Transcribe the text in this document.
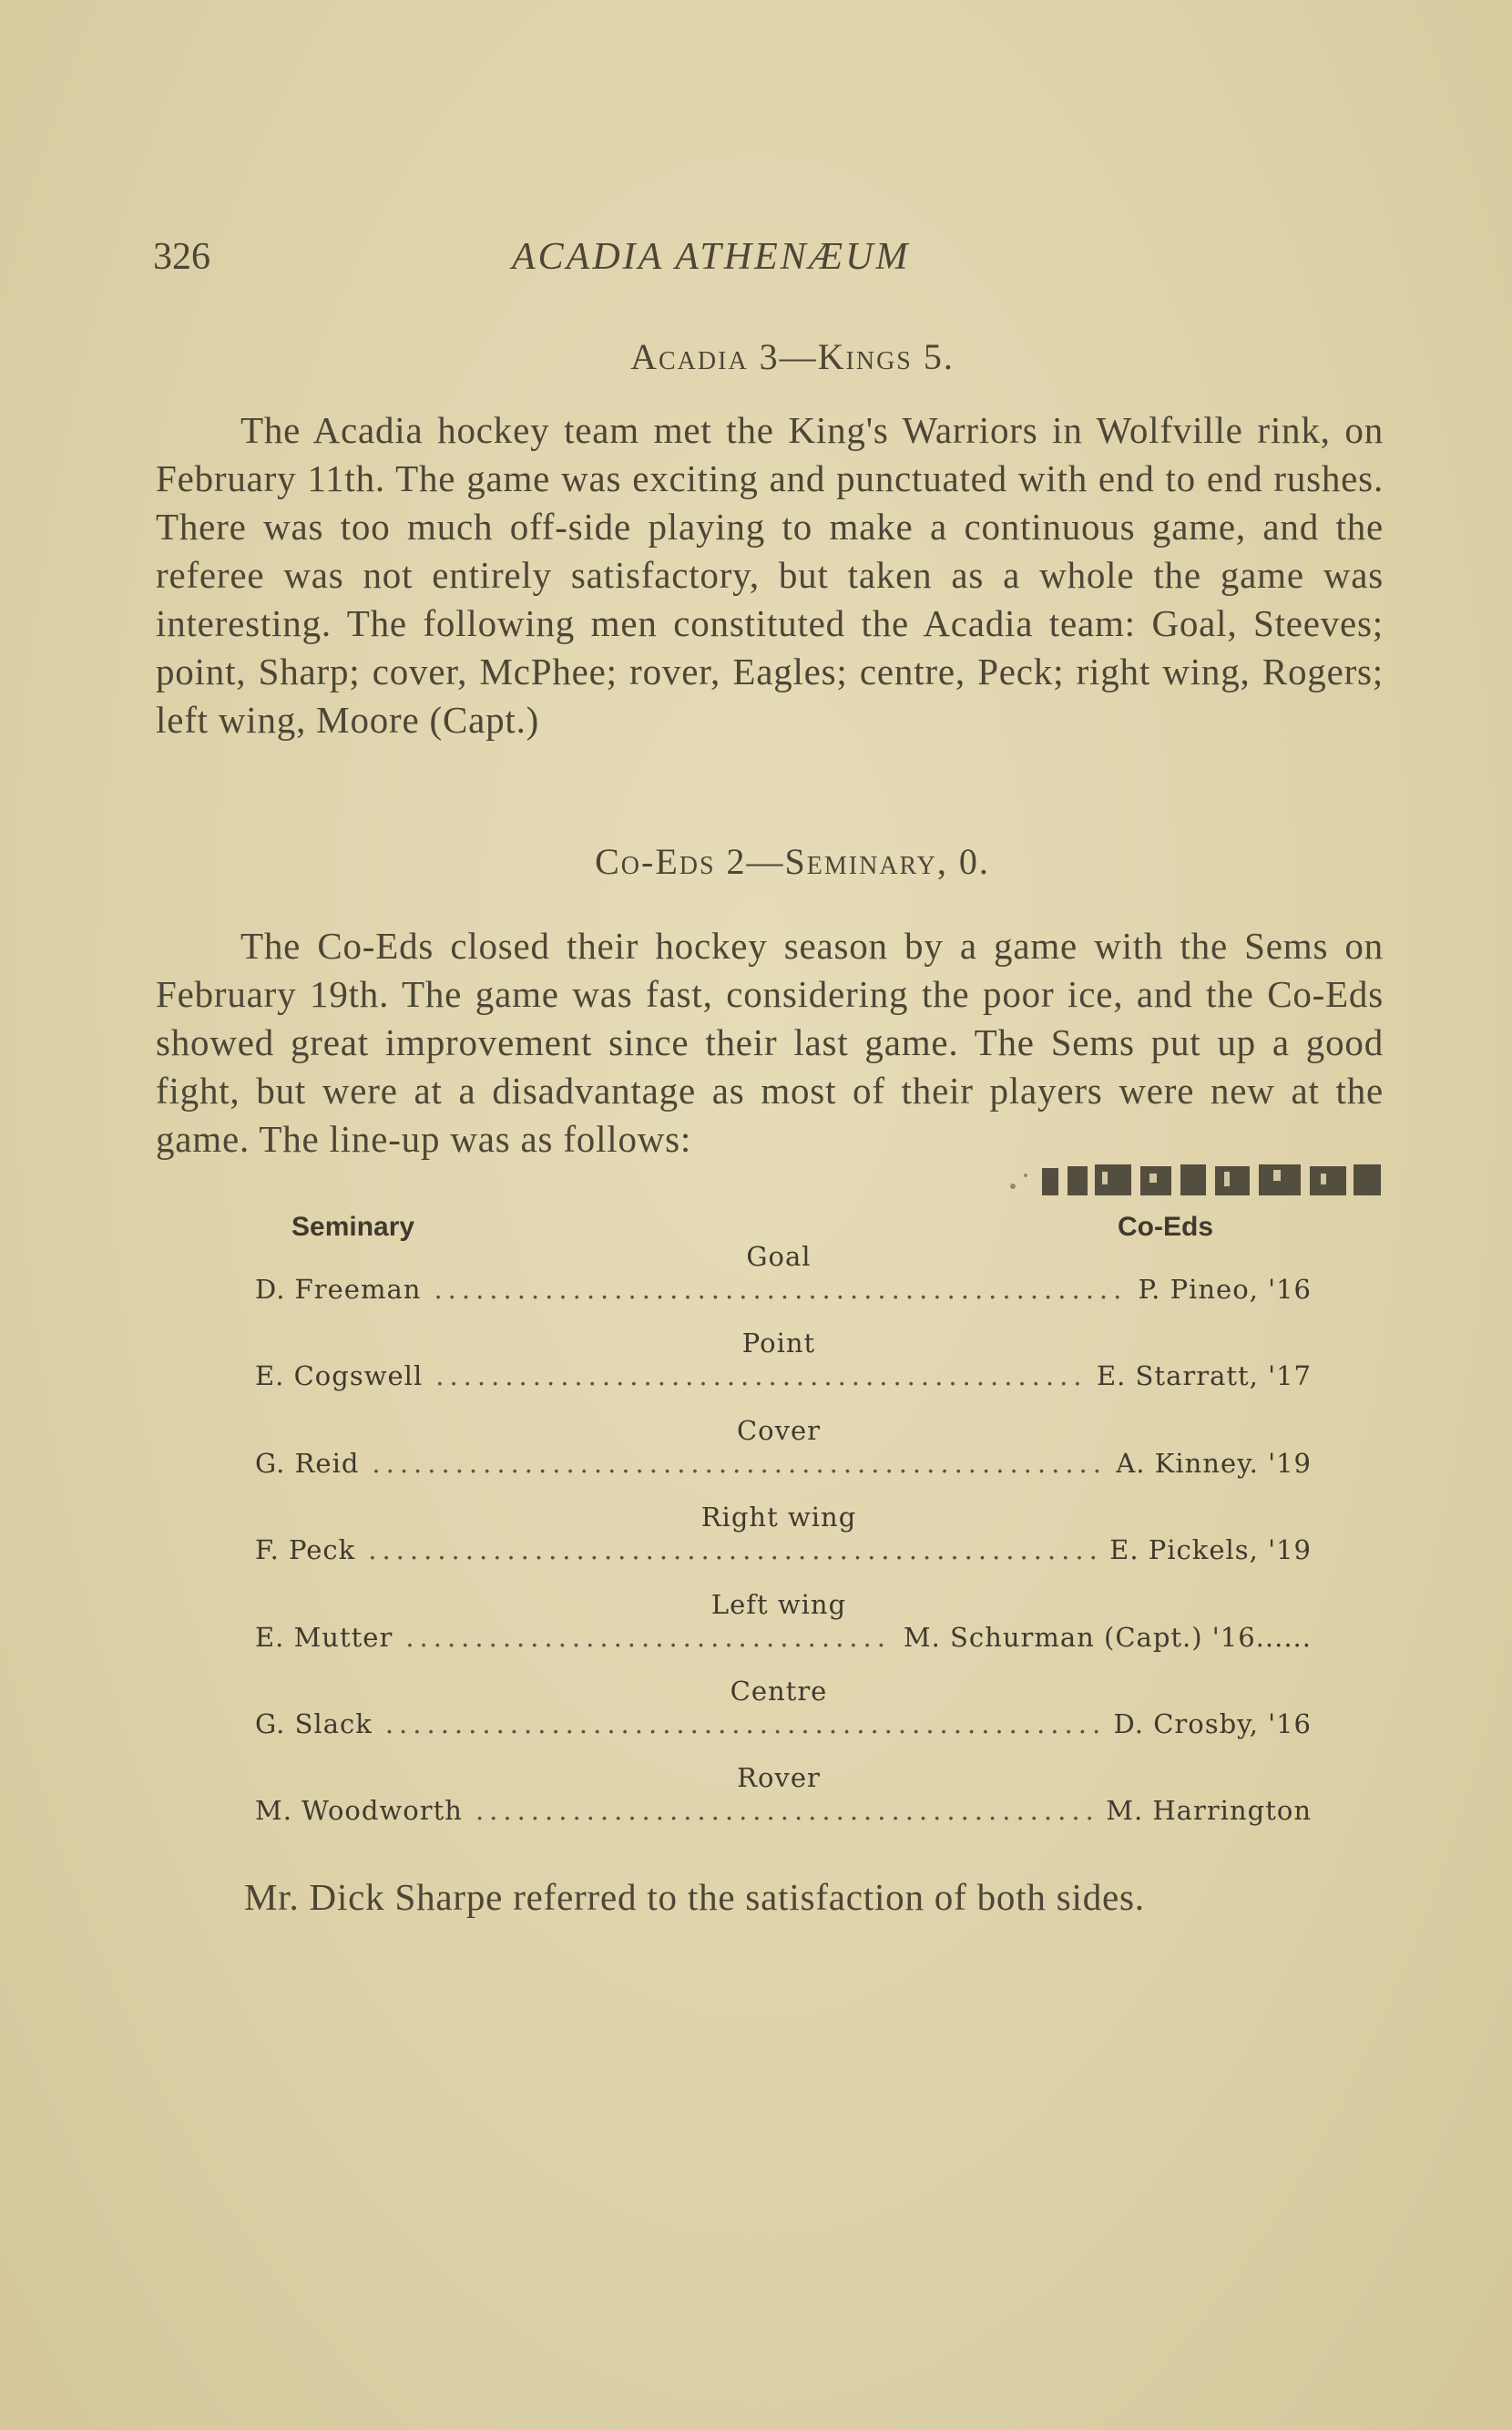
326	ACADIA ATHENÆUM
Acadia 3—Kings 5.

The Acadia hockey team met the King's Warriors in Wolfville rink, on February 11th. The game was exciting and punctuated with end to end rushes. There was too much off-side playing to make a continuous game, and the referee was not entirely satisfactory, but taken as a whole the game was interesting. The following men constituted the Acadia team: Goal, Steeves; point, Sharp; cover, McPhee; rover, Eagles; centre, Peck; right wing, Rogers; left wing, Moore (Capt.)

Co-Eds 2—Seminary, 0.

The Co-Eds closed their hockey season by a game with the Sems on February 19th. The game was fast, considering the poor ice, and the Co-Eds showed great improvement since their last game. The Sems put up a good fight, but were at a disadvantage as most of their players were new at the game. The line-up was as follows:

Seminary	Co-Eds
Goal
D. Freeman .....	P. Pineo, '16
Point
E. Cogswell .....	E. Starratt, '17
Cover
G. Reid .....	A. Kinney. '19
Right wing
F. Peck .....	E. Pickels, '19
Left wing
E. Mutter .....	M. Schurman (Capt.) '16......
Centre
G. Slack .....	D. Crosby, '16
Rover
M. Woodworth .....	M. Harrington
Mr. Dick Sharpe referred to the satisfaction of both sides.
